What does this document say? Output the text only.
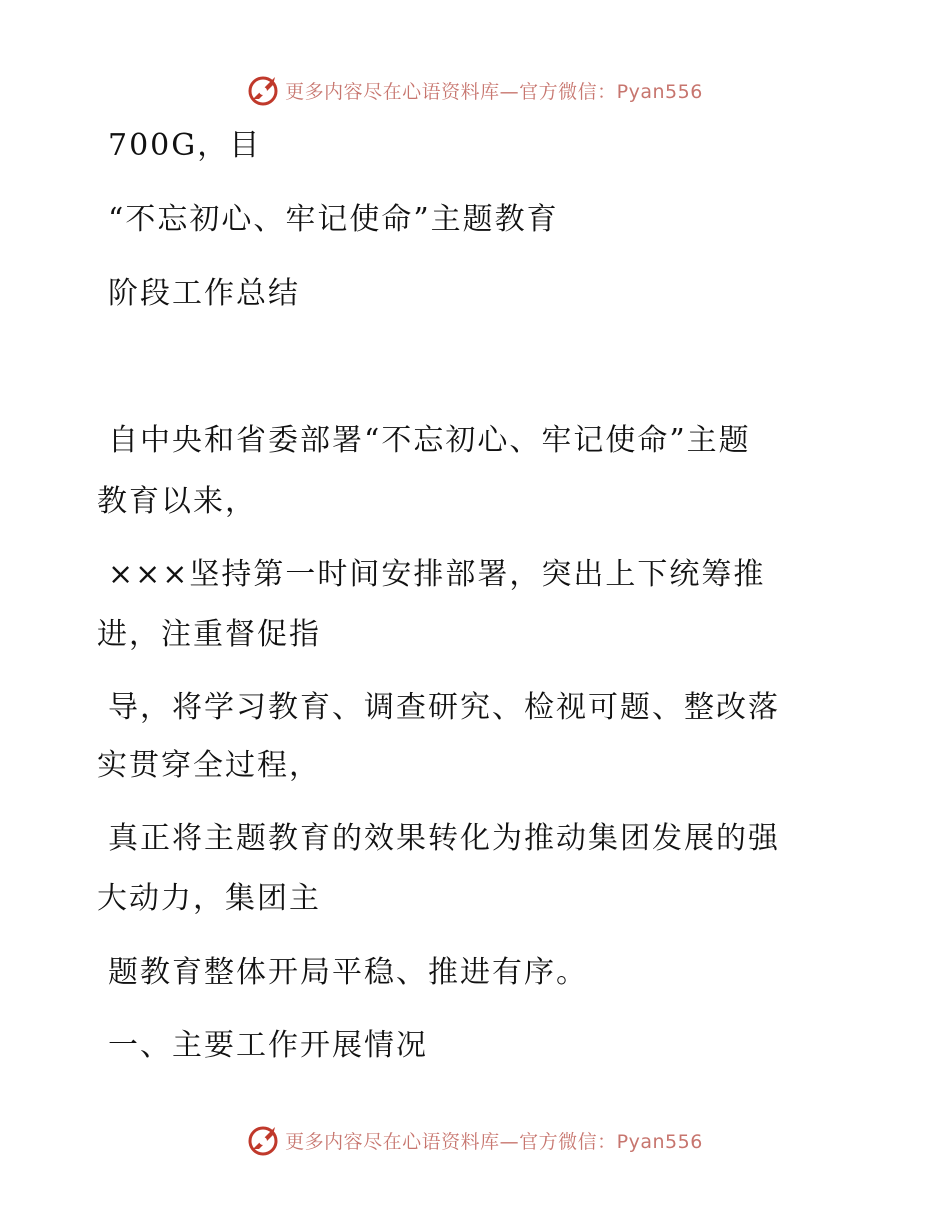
更多内容尽在心语资料库—官方微信：Pyan556
700G，目
“不忘初心、牢记使命”主题教育
阶段工作总结
自中央和省委部署“不忘初心、牢记使命”主题
教育以来，
×××坚持第一时间安排部署，突出上下统筹推
进，注重督促指
导，将学习教育、调查研究、检视可题、整改落
实贯穿全过程，
真正将主题教育的效果转化为推动集团发展的强
大动力，集团主
题教育整体开局平稳、推进有序。
一、主要工作开展情况
更多内容尽在心语资料库—官方微信：Pyan556
